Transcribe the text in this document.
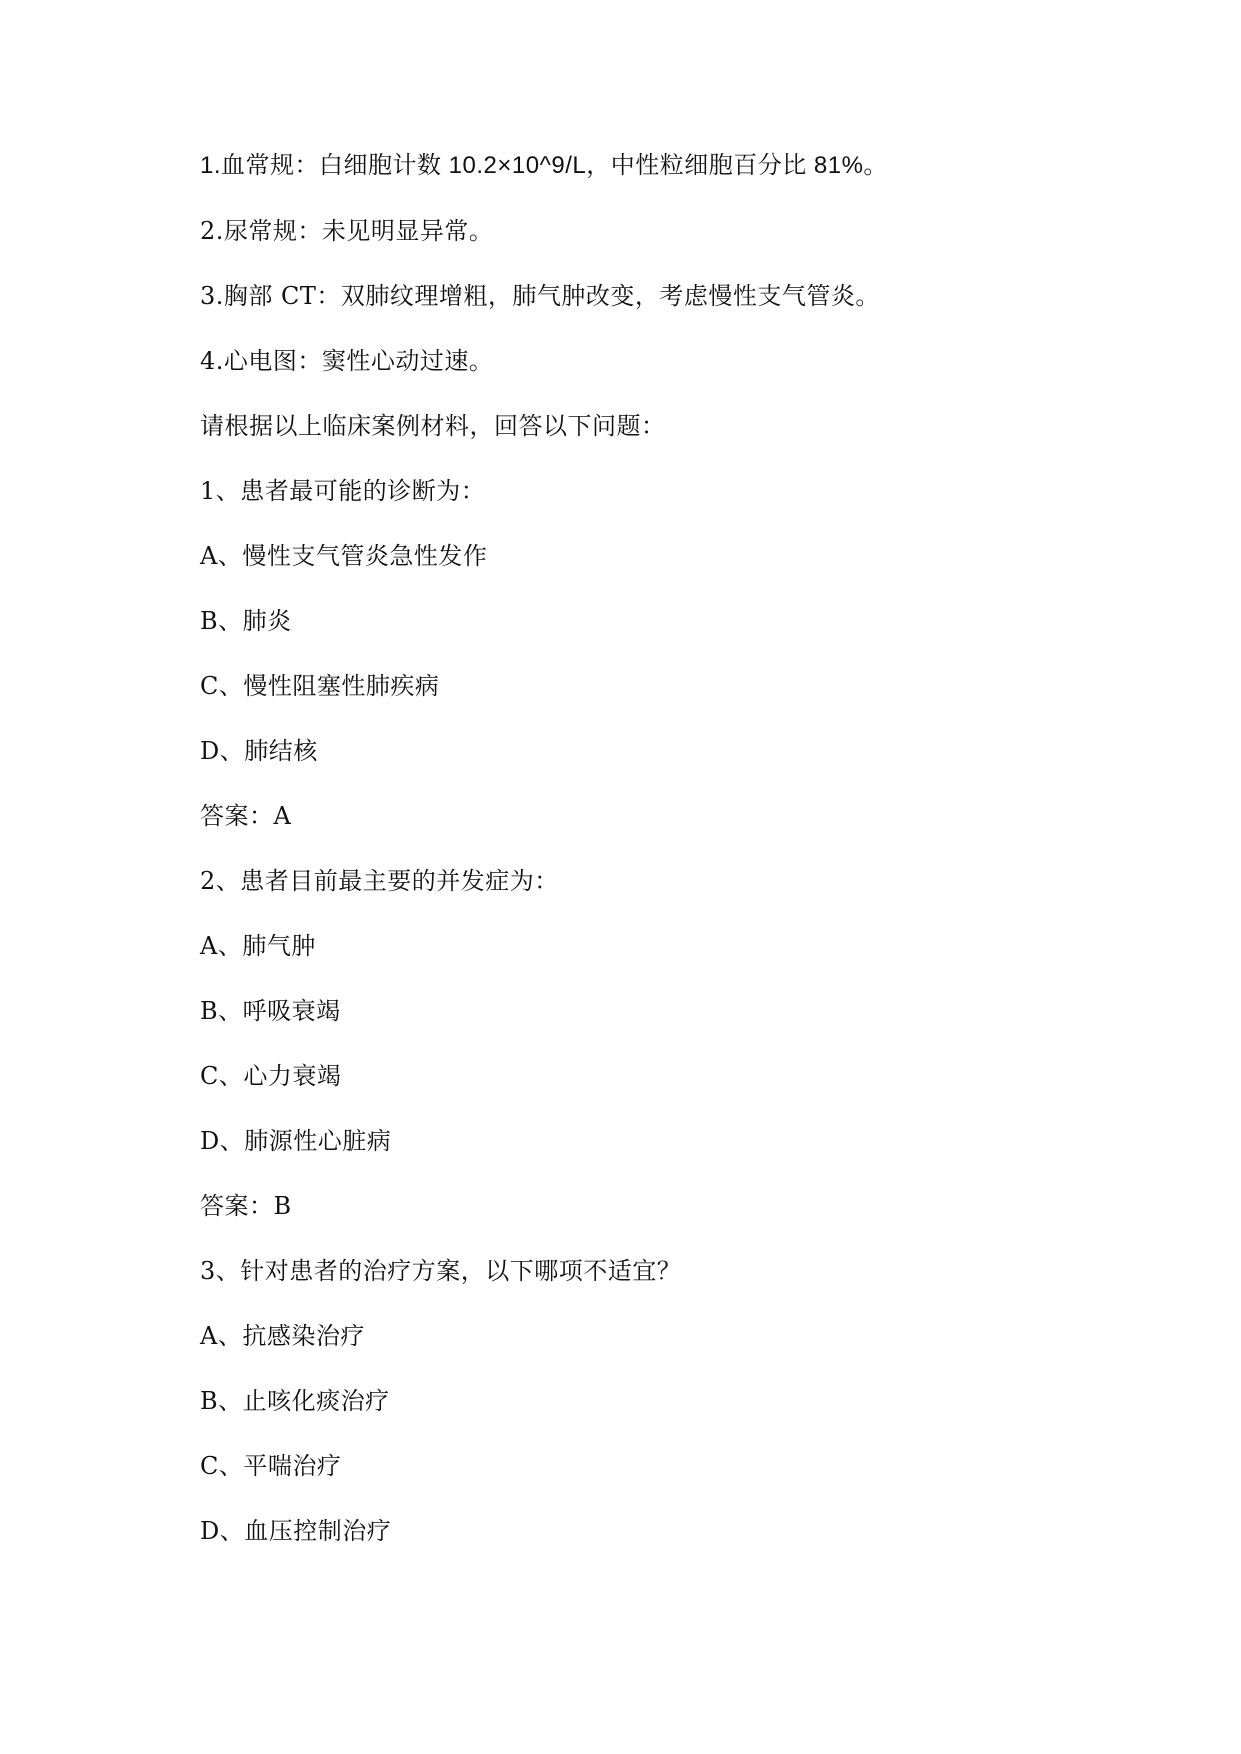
1.血常规：白细胞计数 10.2×10^9/L，中性粒细胞百分比 81%。
2.尿常规：未见明显异常。
3.胸部 CT：双肺纹理增粗，肺气肿改变，考虑慢性支气管炎。
4.心电图：窦性心动过速。
请根据以上临床案例材料，回答以下问题：
1、患者最可能的诊断为：
A、慢性支气管炎急性发作
B、肺炎
C、慢性阻塞性肺疾病
D、肺结核
答案：A
2、患者目前最主要的并发症为：
A、肺气肿
B、呼吸衰竭
C、心力衰竭
D、肺源性心脏病
答案：B
3、针对患者的治疗方案，以下哪项不适宜？
A、抗感染治疗
B、止咳化痰治疗
C、平喘治疗
D、血压控制治疗
